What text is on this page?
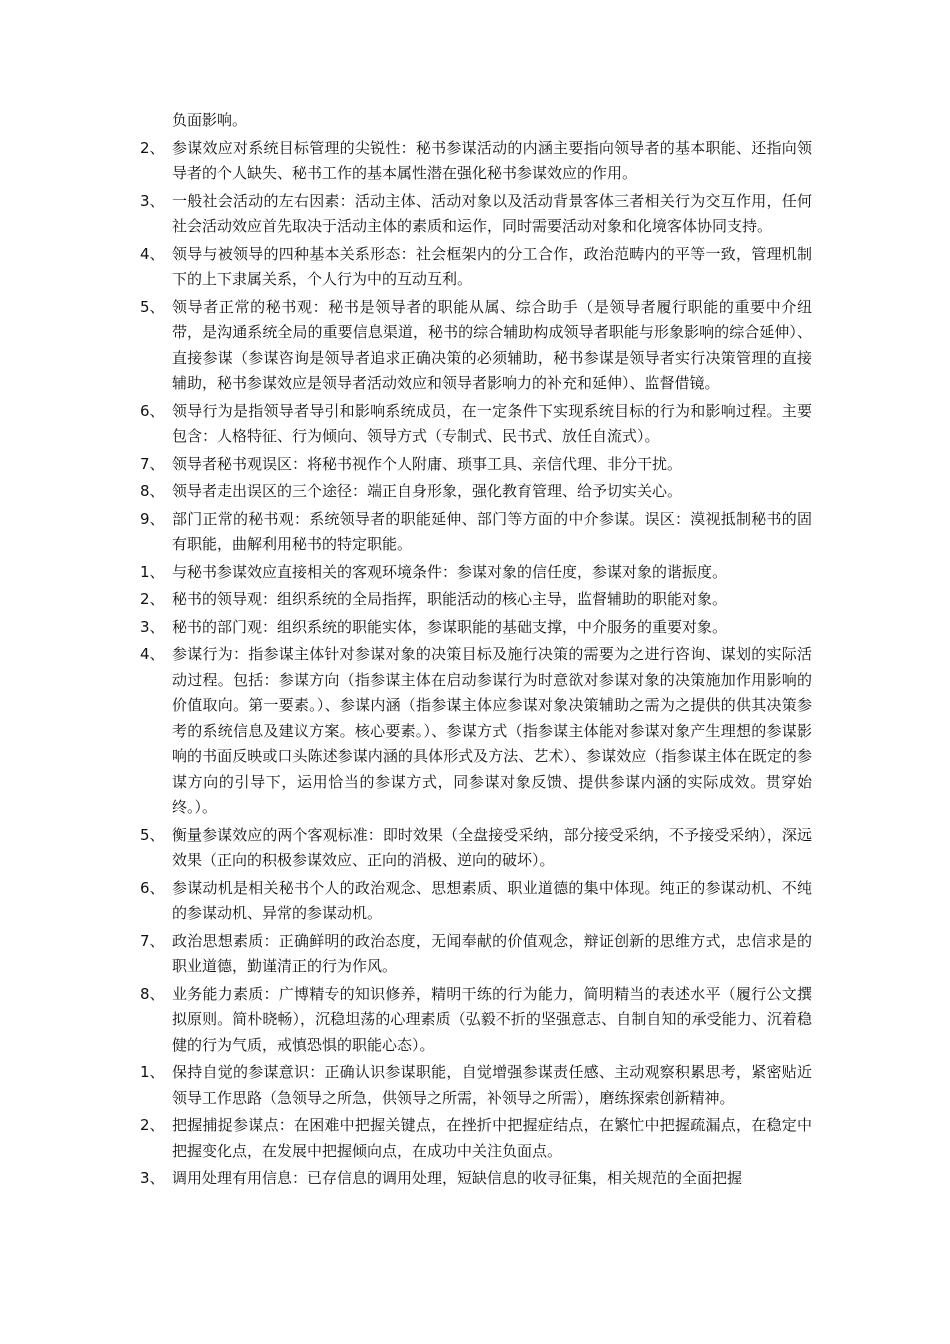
负面影响。
2、 参谋效应对系统目标管理的尖锐性：秘书参谋活动的内涵主要指向领导者的基本职能、还指向领导者的个人缺失、秘书工作的基本属性潜在强化秘书参谋效应的作用。
3、 一般社会活动的左右因素：活动主体、活动对象以及活动背景客体三者相关行为交互作用，任何社会活动效应首先取决于活动主体的素质和运作，同时需要活动对象和化境客体协同支持。
4、 领导与被领导的四种基本关系形态：社会框架内的分工合作，政治范畴内的平等一致，管理机制下的上下隶属关系，个人行为中的互动互利。
5、 领导者正常的秘书观：秘书是领导者的职能从属、综合助手（是领导者履行职能的重要中介纽带，是沟通系统全局的重要信息渠道，秘书的综合辅助构成领导者职能与形象影响的综合延伸）、直接参谋（参谋咨询是领导者追求正确决策的必须辅助，秘书参谋是领导者实行决策管理的直接辅助，秘书参谋效应是领导者活动效应和领导者影响力的补充和延伸）、监督借镜。
6、 领导行为是指领导者导引和影响系统成员，在一定条件下实现系统目标的行为和影响过程。主要包含：人格特征、行为倾向、领导方式（专制式、民书式、放任自流式）。
7、 领导者秘书观误区：将秘书视作个人附庸、琐事工具、亲信代理、非分干扰。
8、 领导者走出误区的三个途径：端正自身形象，强化教育管理、给予切实关心。
9、 部门正常的秘书观：系统领导者的职能延伸、部门等方面的中介参谋。误区：漠视抵制秘书的固有职能，曲解利用秘书的特定职能。
1、 与秘书参谋效应直接相关的客观环境条件：参谋对象的信任度，参谋对象的谐振度。
2、 秘书的领导观：组织系统的全局指挥，职能活动的核心主导，监督辅助的职能对象。
3、 秘书的部门观：组织系统的职能实体，参谋职能的基础支撑，中介服务的重要对象。
4、 参谋行为：指参谋主体针对参谋对象的决策目标及施行决策的需要为之进行咨询、谋划的实际活动过程。包括：参谋方向（指参谋主体在启动参谋行为时意欲对参谋对象的决策施加作用影响的价值取向。第一要素。）、参谋内涵（指参谋主体应参谋对象决策辅助之需为之提供的供其决策参考的系统信息及建议方案。核心要素。）、参谋方式（指参谋主体能对参谋对象产生理想的参谋影响的书面反映或口头陈述参谋内涵的具体形式及方法、艺术）、参谋效应（指参谋主体在既定的参谋方向的引导下，运用恰当的参谋方式，同参谋对象反馈、提供参谋内涵的实际成效。贯穿始终。）。
5、 衡量参谋效应的两个客观标准：即时效果（全盘接受采纳，部分接受采纳，不予接受采纳），深远效果（正向的积极参谋效应、正向的消极、逆向的破坏）。
6、 参谋动机是相关秘书个人的政治观念、思想素质、职业道德的集中体现。纯正的参谋动机、不纯的参谋动机、异常的参谋动机。
7、 政治思想素质：正确鲜明的政治态度，无闻奉献的价值观念，辩证创新的思维方式，忠信求是的职业道德，勤谨清正的行为作风。
8、 业务能力素质：广博精专的知识修养，精明干练的行为能力，简明精当的表述水平（履行公文撰拟原则。简朴晓畅），沉稳坦荡的心理素质（弘毅不折的坚强意志、自制自知的承受能力、沉着稳健的行为气质，戒慎恐惧的职能心态）。
1、 保持自觉的参谋意识：正确认识参谋职能，自觉增强参谋责任感、主动观察积累思考，紧密贴近领导工作思路（急领导之所急，供领导之所需，补领导之所需），磨练探索创新精神。
2、 把握捕捉参谋点：在困难中把握关键点，在挫折中把握症结点，在繁忙中把握疏漏点，在稳定中把握变化点，在发展中把握倾向点，在成功中关注负面点。
3、 调用处理有用信息：已存信息的调用处理，短缺信息的收寻征集，相关规范的全面把握
